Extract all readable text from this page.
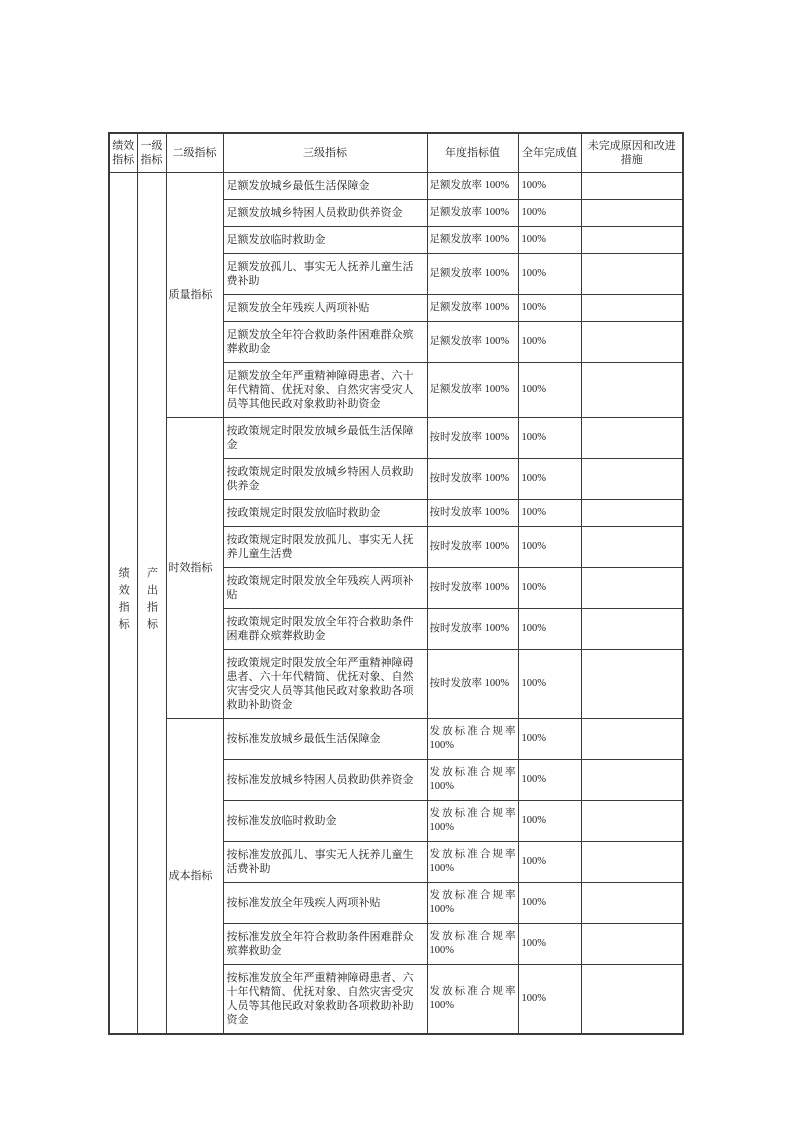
绩效指标	一级指标	二级指标	三级指标	年度指标值	全年完成值	未完成原因和改进措施
绩效指标	产出指标	质量指标	足额发放城乡最低生活保障金	足额发放率 100%	100%	
			足额发放城乡特困人员救助供养资金	足额发放率 100%	100%	
			足额发放临时救助金	足额发放率 100%	100%	
			足额发放孤儿、事实无人抚养儿童生活费补助	足额发放率 100%	100%	
			足额发放全年残疾人两项补贴	足额发放率 100%	100%	
			足额发放全年符合救助条件困难群众殡葬救助金	足额发放率 100%	100%	
			足额发放全年严重精神障碍患者、六十年代精简、优抚对象、自然灾害受灾人员等其他民政对象救助补助资金	足额发放率 100%	100%	
		时效指标	按政策规定时限发放城乡最低生活保障金	按时发放率 100%	100%	
			按政策规定时限发放城乡特困人员救助供养金	按时发放率 100%	100%	
			按政策规定时限发放临时救助金	按时发放率 100%	100%	
			按政策规定时限发放孤儿、事实无人抚养儿童生活费	按时发放率 100%	100%	
			按政策规定时限发放全年残疾人两项补贴	按时发放率 100%	100%	
			按政策规定时限发放全年符合救助条件困难群众殡葬救助金	按时发放率 100%	100%	
			按政策规定时限发放全年严重精神障碍患者、六十年代精简、优抚对象、自然灾害受灾人员等其他民政对象救助各项救助补助资金	按时发放率 100%	100%	
		成本指标	按标准发放城乡最低生活保障金	发放标准合规率100%	100%	
			按标准发放城乡特困人员救助供养资金	发放标准合规率100%	100%	
			按标准发放临时救助金	发放标准合规率100%	100%	
			按标准发放孤儿、事实无人抚养儿童生活费补助	发放标准合规率100%	100%	
			按标准发放全年残疾人两项补贴	发放标准合规率100%	100%	
			按标准发放全年符合救助条件困难群众殡葬救助金	发放标准合规率100%	100%	
			按标准发放全年严重精神障碍患者、六十年代精简、优抚对象、自然灾害受灾人员等其他民政对象救助各项救助补助资金	发放标准合规率100%	100%	
